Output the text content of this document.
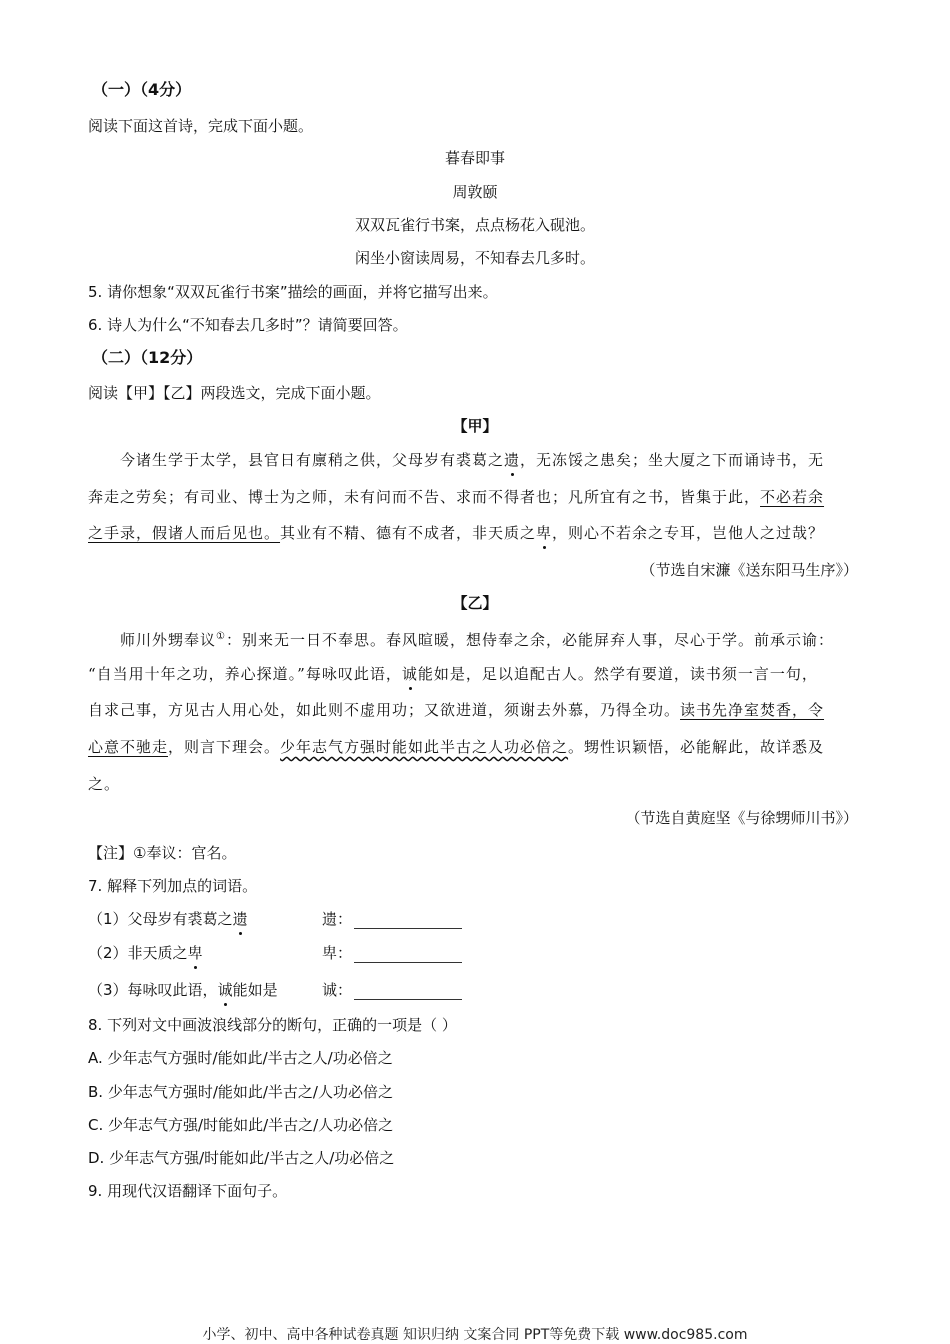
（一）（4分）
阅读下面这首诗，完成下面小题。
暮春即事
周敦颐
双双瓦雀行书案，点点杨花入砚池。
闲坐小窗读周易，不知春去几多时。
5. 请你想象“双双瓦雀行书案”描绘的画面，并将它描写出来。
6. 诗人为什么“不知春去几多时”？请简要回答。
（二）（12分）
阅读【甲】【乙】两段选文，完成下面小题。
【甲】
今诸生学于太学，县官日有廪稍之供，父母岁有裘葛之遗，无冻馁之患矣；坐大厦之下而诵诗书，无
奔走之劳矣；有司业、博士为之师，未有问而不告、求而不得者也；凡所宜有之书，皆集于此，不必若余
之手录，假诸人而后见也。其业有不精、德有不成者，非天质之卑，则心不若余之专耳，岂他人之过哉？
（节选自宋濂《送东阳马生序》）
【乙】
师川外甥奉议①：别来无一日不奉思。春风暄暖，想侍奉之余，必能屏弃人事，尽心于学。前承示谕：
“自当用十年之功，养心探道。”每咏叹此语，诚能如是，足以追配古人。然学有要道，读书须一言一句，
自求己事，方见古人用心处，如此则不虚用功；又欲进道，须谢去外慕，乃得全功。读书先净室焚香，令
心意不驰走，则言下理会。少年志气方强时能如此半古之人功必倍之。甥性识颖悟，必能解此，故详悉及
之。
（节选自黄庭坚《与徐甥师川书》）
【注】①奉议：官名。
7. 解释下列加点的词语。
（1）父母岁有裘葛之遗	遗：
（2）非天质之卑	卑：
（3）每咏叹此语，诚能如是	诚：
8. 下列对文中画波浪线部分的断句，正确的一项是（ ）
A. 少年志气方强时/能如此/半古之人/功必倍之
B. 少年志气方强时/能如此/半古之/人功必倍之
C. 少年志气方强/时能如此/半古之/人功必倍之
D. 少年志气方强/时能如此/半古之人/功必倍之
9. 用现代汉语翻译下面句子。
小学、初中、高中各种试卷真题 知识归纳 文案合同 PPT等免费下载 www.doc985.com
